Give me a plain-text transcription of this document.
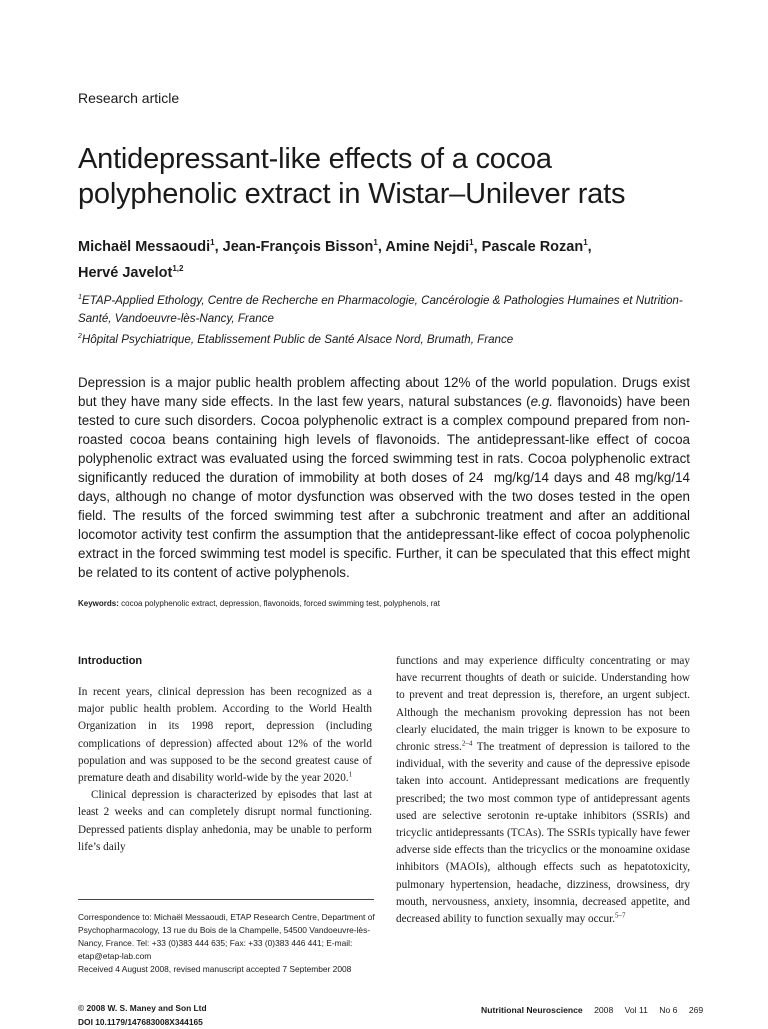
Research article
Antidepressant-like effects of a cocoa polyphenolic extract in Wistar–Unilever rats
Michaël Messaoudi$^1$, Jean-François Bisson$^1$, Amine Nejdi$^1$, Pascale Rozan$^1$,
Hervé Javelot$^{1,2}$
$^1$ETAP-Applied Ethology, Centre de Recherche en Pharmacologie, Cancérologie & Pathologies Humaines et Nutrition-Santé, Vandoeuvre-lès-Nancy, France
$^2$Hôpital Psychiatrique, Etablissement Public de Santé Alsace Nord, Brumath, France
Depression is a major public health problem affecting about 12% of the world population. Drugs exist but they have many side effects. In the last few years, natural substances (e.g. flavonoids) have been tested to cure such disorders. Cocoa polyphenolic extract is a complex compound prepared from non-roasted cocoa beans containing high levels of flavonoids. The antidepressant-like effect of cocoa polyphenolic extract was evaluated using the forced swimming test in rats. Cocoa polyphenolic extract significantly reduced the duration of immobility at both doses of 24  mg/kg/14 days and 48 mg/kg/14 days, although no change of motor dysfunction was observed with the two doses tested in the open field. The results of the forced swimming test after a subchronic treatment and after an additional locomotor activity test confirm the assumption that the antidepressant-like effect of cocoa polyphenolic extract in the forced swimming test model is specific. Further, it can be speculated that this effect might be related to its content of active polyphenols.
Keywords: cocoa polyphenolic extract, depression, flavonoids, forced swimming test, polyphenols, rat
Introduction

In recent years, clinical depression has been recognized as a major public health problem. According to the World Health Organization in its 1998 report, depression (including complications of depression) affected about 12% of the world population and was supposed to be the second greatest cause of premature death and disability world-wide by the year 2020.$^1$

Clinical depression is characterized by episodes that last at least 2 weeks and can completely disrupt normal functioning. Depressed patients display anhedonia, may be unable to perform life’s daily

Correspondence to: Michaël Messaoudi, ETAP Research Centre, Department of Psychopharmacology, 13 rue du Bois de la Champelle, 54500 Vandoeuvre-lès-Nancy, France. Tel: +33 (0)383 444 635; Fax: +33 (0)383 446 441; E-mail: etap@etap-lab.com
Received 4 August 2008, revised manuscript accepted 7 September 2008

functions and may experience difficulty concentrating or may have recurrent thoughts of death or suicide. Understanding how to prevent and treat depression is, therefore, an urgent subject. Although the mechanism provoking depression has not been clearly elucidated, the main trigger is known to be exposure to chronic stress.$^{2-4}$ The treatment of depression is tailored to the individual, with the severity and cause of the depressive episode taken into account. Antidepressant medications are frequently prescribed; the two most common type of antidepressant agents used are selective serotonin re-uptake inhibitors (SSRIs) and tricyclic antidepressants (TCAs). The SSRIs typically have fewer adverse side effects than the tricyclics or the monoamine oxidase inhibitors (MAOIs), although effects such as hepatotoxicity, pulmonary hypertension, headache, dizziness, drowsiness, dry mouth, nervousness, anxiety, insomnia, decreased appetite, and decreased ability to function sexually may occur.$^{5-7}$

© 2008 W. S. Maney and Son Ltd
DOI 10.1179/147683008X344165
Nutritional Neuroscience 2008 Vol 11 No 6 269
